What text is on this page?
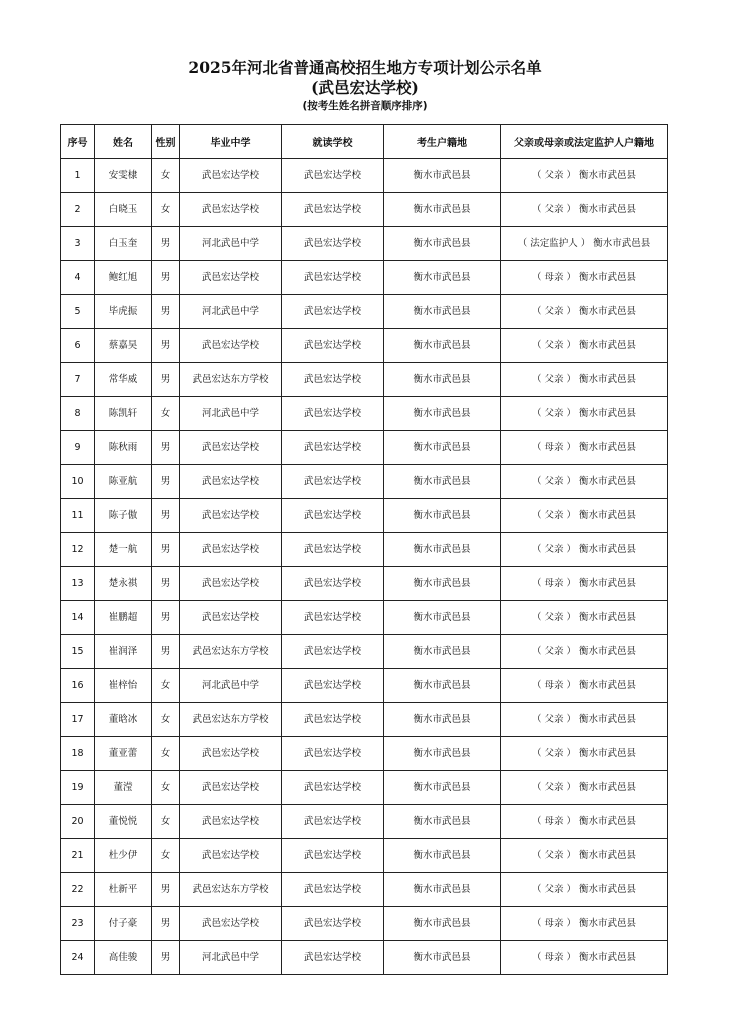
2025年河北省普通高校招生地方专项计划公示名单
(武邑宏达学校)
(按考生姓名拼音顺序排序)
序号	姓名	性别	毕业中学	就读学校	考生户籍地	父亲或母亲或法定监护人户籍地
1	安雯棣	女	武邑宏达学校	武邑宏达学校	衡水市武邑县	（ 父亲 ） 衡水市武邑县
2	白晓玉	女	武邑宏达学校	武邑宏达学校	衡水市武邑县	（ 父亲 ） 衡水市武邑县
3	白玉奎	男	河北武邑中学	武邑宏达学校	衡水市武邑县	（ 法定监护人 ） 衡水市武邑县
4	鲍红旭	男	武邑宏达学校	武邑宏达学校	衡水市武邑县	（ 母亲 ） 衡水市武邑县
5	毕虎振	男	河北武邑中学	武邑宏达学校	衡水市武邑县	（ 父亲 ） 衡水市武邑县
6	蔡嘉昊	男	武邑宏达学校	武邑宏达学校	衡水市武邑县	（ 父亲 ） 衡水市武邑县
7	常华威	男	武邑宏达东方学校	武邑宏达学校	衡水市武邑县	（ 父亲 ） 衡水市武邑县
8	陈凯轩	女	河北武邑中学	武邑宏达学校	衡水市武邑县	（ 父亲 ） 衡水市武邑县
9	陈秋雨	男	武邑宏达学校	武邑宏达学校	衡水市武邑县	（ 母亲 ） 衡水市武邑县
10	陈亚航	男	武邑宏达学校	武邑宏达学校	衡水市武邑县	（ 父亲 ） 衡水市武邑县
11	陈子傲	男	武邑宏达学校	武邑宏达学校	衡水市武邑县	（ 父亲 ） 衡水市武邑县
12	楚一航	男	武邑宏达学校	武邑宏达学校	衡水市武邑县	（ 父亲 ） 衡水市武邑县
13	楚永祺	男	武邑宏达学校	武邑宏达学校	衡水市武邑县	（ 母亲 ） 衡水市武邑县
14	崔鹏超	男	武邑宏达学校	武邑宏达学校	衡水市武邑县	（ 父亲 ） 衡水市武邑县
15	崔润泽	男	武邑宏达东方学校	武邑宏达学校	衡水市武邑县	（ 父亲 ） 衡水市武邑县
16	崔梓怡	女	河北武邑中学	武邑宏达学校	衡水市武邑县	（ 母亲 ） 衡水市武邑县
17	董晗冰	女	武邑宏达东方学校	武邑宏达学校	衡水市武邑县	（ 父亲 ） 衡水市武邑县
18	董亚蕾	女	武邑宏达学校	武邑宏达学校	衡水市武邑县	（ 父亲 ） 衡水市武邑县
19	董滢	女	武邑宏达学校	武邑宏达学校	衡水市武邑县	（ 父亲 ） 衡水市武邑县
20	董悦悦	女	武邑宏达学校	武邑宏达学校	衡水市武邑县	（ 母亲 ） 衡水市武邑县
21	杜少伊	女	武邑宏达学校	武邑宏达学校	衡水市武邑县	（ 父亲 ） 衡水市武邑县
22	杜新平	男	武邑宏达东方学校	武邑宏达学校	衡水市武邑县	（ 父亲 ） 衡水市武邑县
23	付子豪	男	武邑宏达学校	武邑宏达学校	衡水市武邑县	（ 母亲 ） 衡水市武邑县
24	高佳骏	男	河北武邑中学	武邑宏达学校	衡水市武邑县	（ 母亲 ） 衡水市武邑县
